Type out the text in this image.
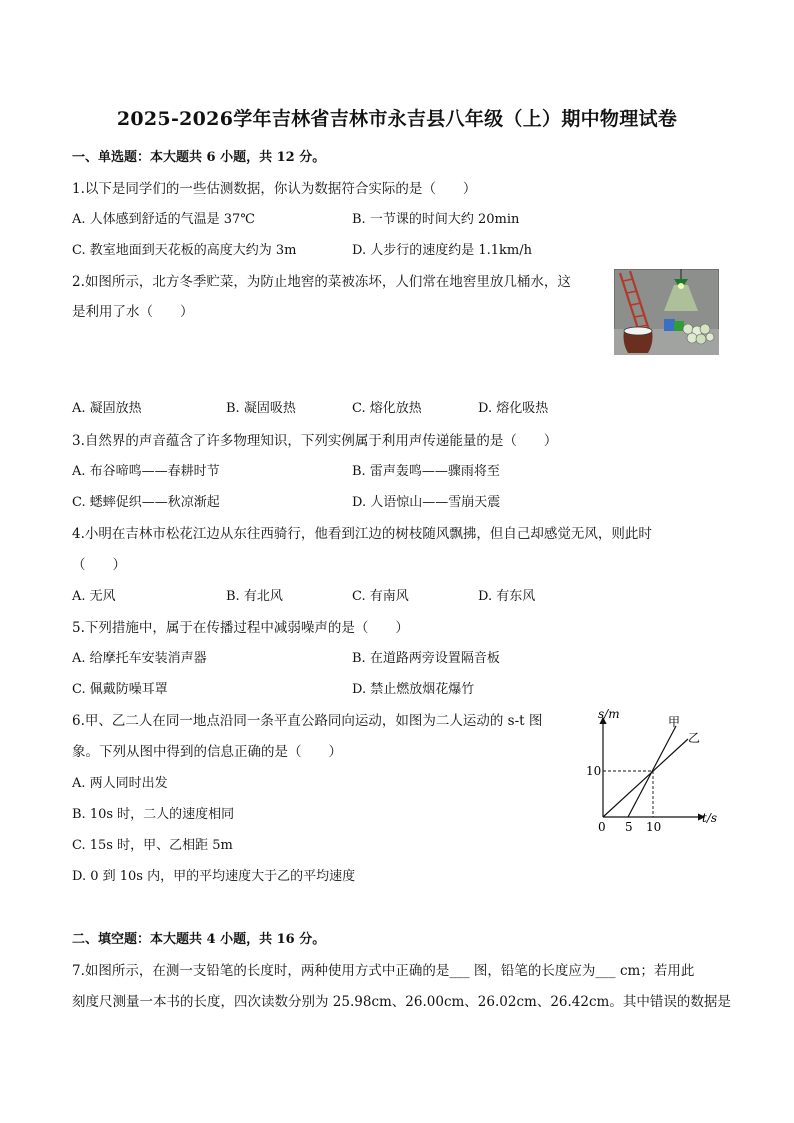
2025-2026学年吉林省吉林市永吉县八年级（上）期中物理试卷
一、单选题：本大题共 6 小题，共 12 分。
1.以下是同学们的一些估测数据，你认为数据符合实际的是（　　）
A. 人体感到舒适的气温是 37℃	B. 一节课的时间大约 20min
C. 教室地面到天花板的高度大约为 3m	D. 人步行的速度约是 1.1km/h
2.如图所示，北方冬季贮菜，为防止地窖的菜被冻坏，人们常在地窖里放几桶水，这
是利用了水（　　）
A. 凝固放热	B. 凝固吸热	C. 熔化放热	D. 熔化吸热
3.自然界的声音蕴含了许多物理知识，下列实例属于利用声传递能量的是（　　）
A. 布谷啼鸣——春耕时节	B. 雷声轰鸣——骤雨将至
C. 蟋蟀促织——秋凉渐起	D. 人语惊山——雪崩天震
4.小明在吉林市松花江边从东往西骑行，他看到江边的树枝随风飘拂，但自己却感觉无风，则此时
（　　）
A. 无风	B. 有北风	C. 有南风	D. 有东风
5.下列措施中，属于在传播过程中减弱噪声的是（　　）
A. 给摩托车安装消声器	B. 在道路两旁设置隔音板
C. 佩戴防噪耳罩	D. 禁止燃放烟花爆竹
6.甲、乙二人在同一地点沿同一条平直公路同向运动，如图为二人运动的 s-t 图
象。下列从图中得到的信息正确的是（　　）
A. 两人同时出发
B. 10s 时，二人的速度相同
C. 15s 时，甲、乙相距 5m
D. 0 到 10s 内，甲的平均速度大于乙的平均速度
s/m
t/s
0 5 10
10
甲
乙
二、填空题：本大题共 4 小题，共 16 分。
7.如图所示，在测一支铅笔的长度时，两种使用方式中正确的是___ 图，铅笔的长度应为___ cm；若用此
刻度尺测量一本书的长度，四次读数分别为 25.98cm、26.00cm、26.02cm、26.42cm。其中错误的数据是
